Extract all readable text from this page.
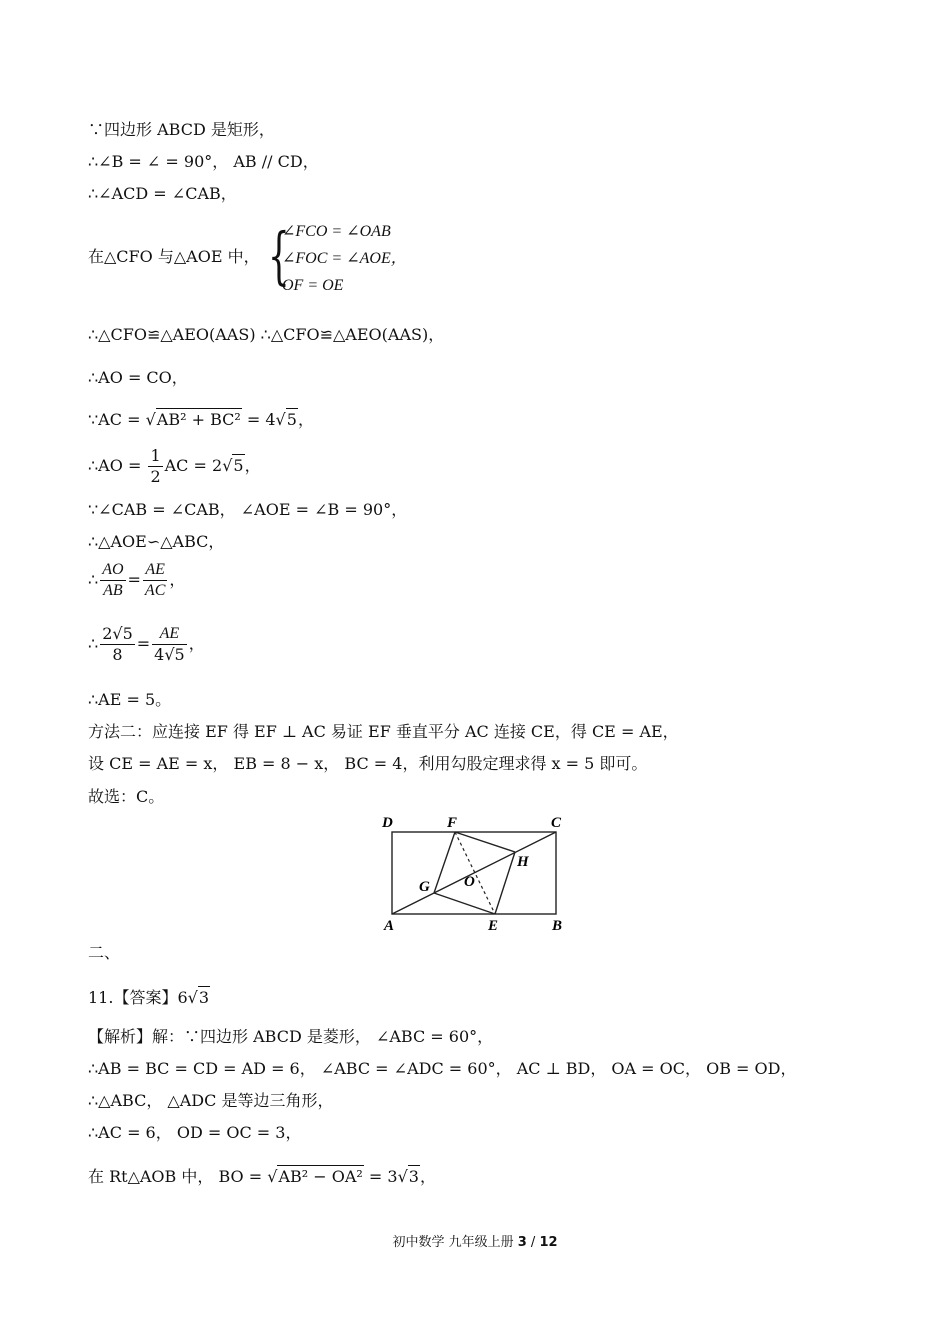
∵四边形 ABCD 是矩形，
∴∠B = ∠ = 90°， AB // CD，
∴∠ACD = ∠CAB，
在△CFO 与△AOE 中， {
∠FCO = ∠OAB
∠FOC = ∠AOE，
OF = OE
∴△CFO≌△AEO(AAS) ∴△CFO≌△AEO(AAS)，
∴AO = CO，
∵AC = √AB² + BC² = 4√5，
∴AO = $\frac{1}{2}$ AC = 2√5，
∵∠CAB = ∠CAB， ∠AOE = ∠B = 90°，
∴△AOE∽△ABC，
∴ $\frac{AO}{AB} = \frac{AE}{AC}$ ，
∴ $\frac{2√5}{8} = \frac{AE}{4√5}$ ，
∴AE = 5。
方法二：应连接 EF 得 EF ⊥ AC 易证 EF 垂直平分 AC 连接 CE，得 CE = AE，
设 CE = AE = x， EB = 8 − x， BC = 4，利用勾股定理求得 x = 5 即可。
故选：C。
D	F	C
H
G O
A	E	B
二、
11.【答案】6√3
【解析】解：∵四边形 ABCD 是菱形， ∠ABC = 60°，
∴AB = BC = CD = AD = 6， ∠ABC = ∠ADC = 60°， AC ⊥ BD， OA = OC， OB = OD，
∴△ABC， △ADC 是等边三角形，
∴AC = 6， OD = OC = 3，
在 Rt△AOB 中， BO = √AB² − OA² = 3√3，
初中数学 九年级上册 3 / 12
